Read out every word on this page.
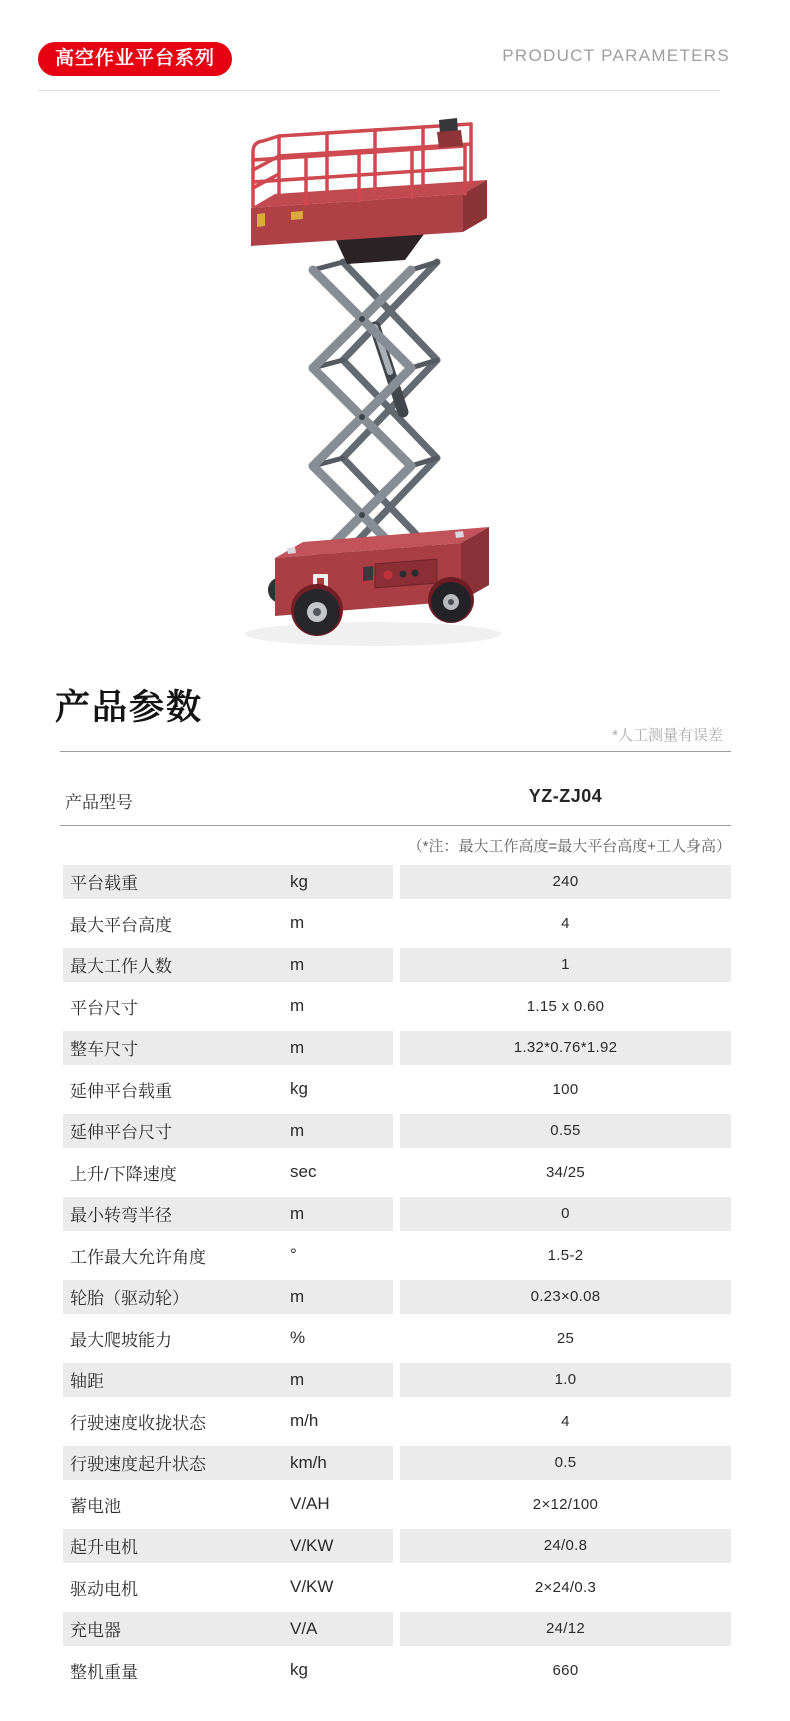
高空作业平台系列	PRODUCT PARAMETERS
产品参数
*人工测量有误差
产品型号	YZ-ZJ04
（*注：最大工作高度=最大平台高度+工人身高）
平台载重	kg	240
最大平台高度	m	4
最大工作人数	m	1
平台尺寸	m	1.15 x 0.60
整车尺寸	m	1.32*0.76*1.92
延伸平台载重	kg	100
延伸平台尺寸	m	0.55
上升/下降速度	sec	34/25
最小转弯半径	m	0
工作最大允许角度	°	1.5-2
轮胎（驱动轮）	m	0.23×0.08
最大爬坡能力	%	25
轴距	m	1.0
行驶速度收拢状态	m/h	4
行驶速度起升状态	km/h	0.5
蓄电池	V/AH	2×12/100
起升电机	V/KW	24/0.8
驱动电机	V/KW	2×24/0.3
充电器	V/A	24/12
整机重量	kg	660
